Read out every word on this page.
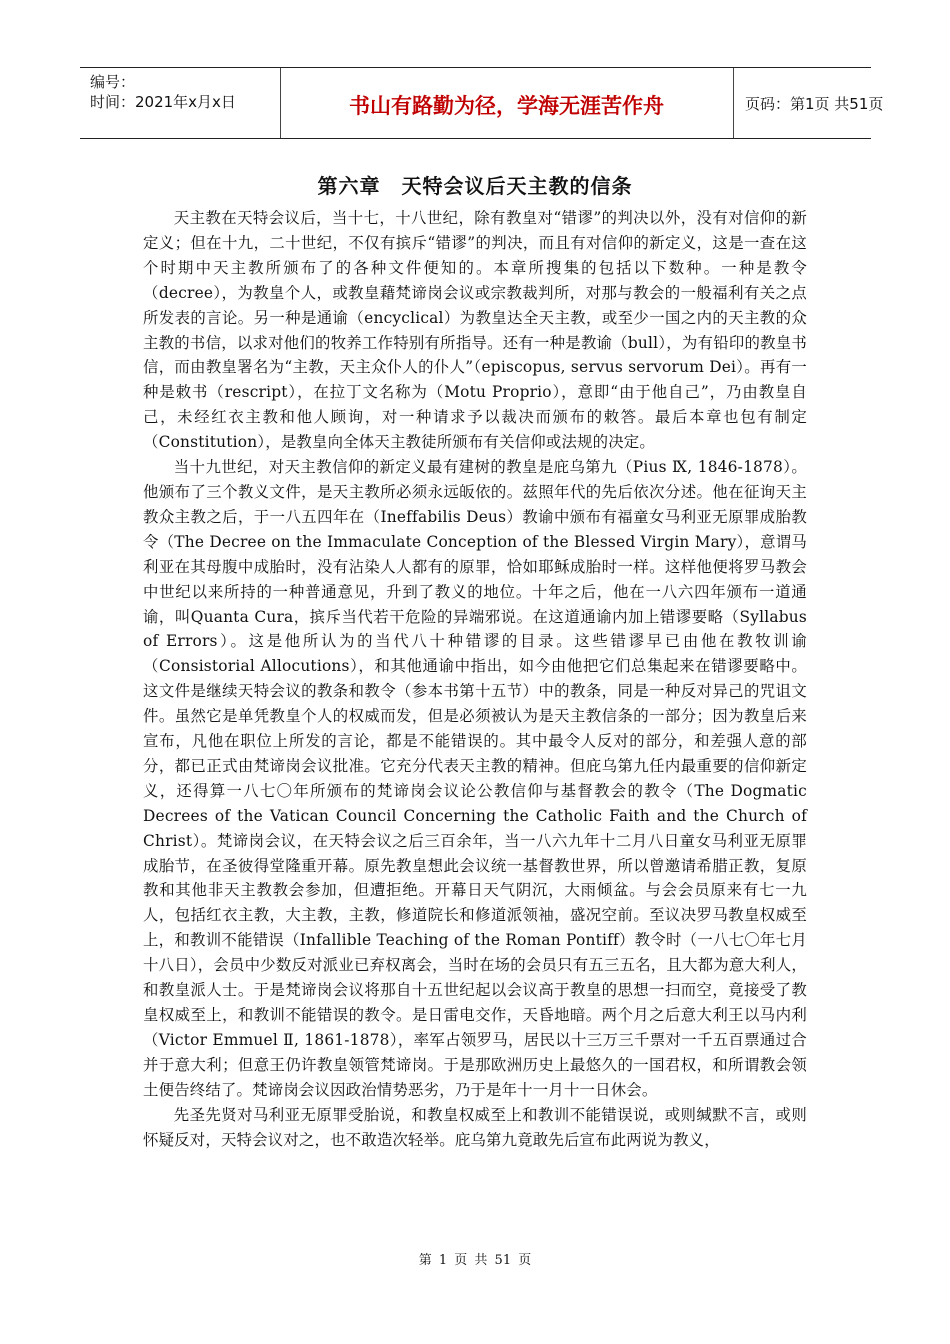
编号：
时间：2021年x月x日	书山有路勤为径，学海无涯苦作舟	页码：第1页 共51页
第六章　天特会议后天主教的信条

天主教在天特会议后，当十七，十八世纪，除有教皇对“错谬”的判决以外，没有对信仰的新定义；但在十九，二十世纪，不仅有摈斥“错谬”的判决，而且有对信仰的新定义，这是一查在这个时期中天主教所颁布了的各种文件便知的。本章所搜集的包括以下数种。一种是教令（decree），为教皇个人，或教皇藉梵谛岗会议或宗教裁判所，对那与教会的一般福利有关之点所发表的言论。另一种是通谕（encyclical）为教皇达全天主教，或至少一国之内的天主教的众主教的书信，以求对他们的牧养工作特别有所指导。还有一种是教谕（bull），为有铅印的教皇书信，而由教皇署名为“主教，天主众仆人的仆人”（episcopus, servus servorum Dei）。再有一种是敕书（rescript），在拉丁文名称为（Motu Proprio），意即“由于他自己”，乃由教皇自己，未经红衣主教和他人顾询，对一种请求予以裁决而颁布的敕答。最后本章也包有制定（Constitution），是教皇向全体天主教徒所颁布有关信仰或法规的决定。

当十九世纪，对天主教信仰的新定义最有建树的教皇是庇乌第九（Pius Ⅸ, 1846-1878）。他颁布了三个教义文件，是天主教所必须永远皈依的。兹照年代的先后依次分述。他在征询天主教众主教之后，于一八五四年在（Ineffabilis Deus）教谕中颁布有福童女马利亚无原罪成胎教令（The Decree on the Immaculate Conception of the Blessed Virgin Mary），意谓马利亚在其母腹中成胎时，没有沾染人人都有的原罪，恰如耶稣成胎时一样。这样他便将罗马教会中世纪以来所持的一种普通意见，升到了教义的地位。十年之后，他在一八六四年颁布一道通谕，叫Quanta Cura，摈斥当代若干危险的异端邪说。在这道通谕内加上错谬要略（Syllabus of Errors）。这是他所认为的当代八十种错谬的目录。这些错谬早已由他在教牧训谕（Consistorial Allocutions），和其他通谕中指出，如今由他把它们总集起来在错谬要略中。这文件是继续天特会议的教条和教令（参本书第十五节）中的教条，同是一种反对异己的咒诅文件。虽然它是单凭教皇个人的权威而发，但是必须被认为是天主教信条的一部分；因为教皇后来宣布，凡他在职位上所发的言论，都是不能错误的。其中最令人反对的部分，和差强人意的部分，都已正式由梵谛岗会议批准。它充分代表天主教的精神。但庇乌第九任内最重要的信仰新定义，还得算一八七〇年所颁布的梵谛岗会议论公教信仰与基督教会的教令（The Dogmatic Decrees of the Vatican Council Concerning the Catholic Faith and the Church of Christ）。梵谛岗会议，在天特会议之后三百余年，当一八六九年十二月八日童女马利亚无原罪成胎节，在圣彼得堂隆重开幕。原先教皇想此会议统一基督教世界，所以曾邀请希腊正教，复原教和其他非天主教教会参加，但遭拒绝。开幕日天气阴沉，大雨倾盆。与会会员原来有七一九人，包括红衣主教，大主教，主教，修道院长和修道派领袖，盛况空前。至议决罗马教皇权威至上，和教训不能错误（Infallible Teaching of the Roman Pontiff）教令时（一八七〇年七月十八日），会员中少数反对派业已弃权离会，当时在场的会员只有五三五名，且大都为意大利人，和教皇派人士。于是梵谛岗会议将那自十五世纪起以会议高于教皇的思想一扫而空，竟接受了教皇权威至上，和教训不能错误的教令。是日雷电交作，天昏地暗。两个月之后意大利王以马内利（Victor Emmuel Ⅱ, 1861-1878），率军占领罗马，居民以十三万三千票对一千五百票通过合并于意大利；但意王仍许教皇领管梵谛岗。于是那欧洲历史上最悠久的一国君权，和所谓教会领土便告终结了。梵谛岗会议因政治情势恶劣，乃于是年十一月十一日休会。

先圣先贤对马利亚无原罪受胎说，和教皇权威至上和教训不能错误说，或则缄默不言，或则怀疑反对，天特会议对之，也不敢造次轻举。庇乌第九竟敢先后宣布此两说为教义，

第 1 页 共 51 页
